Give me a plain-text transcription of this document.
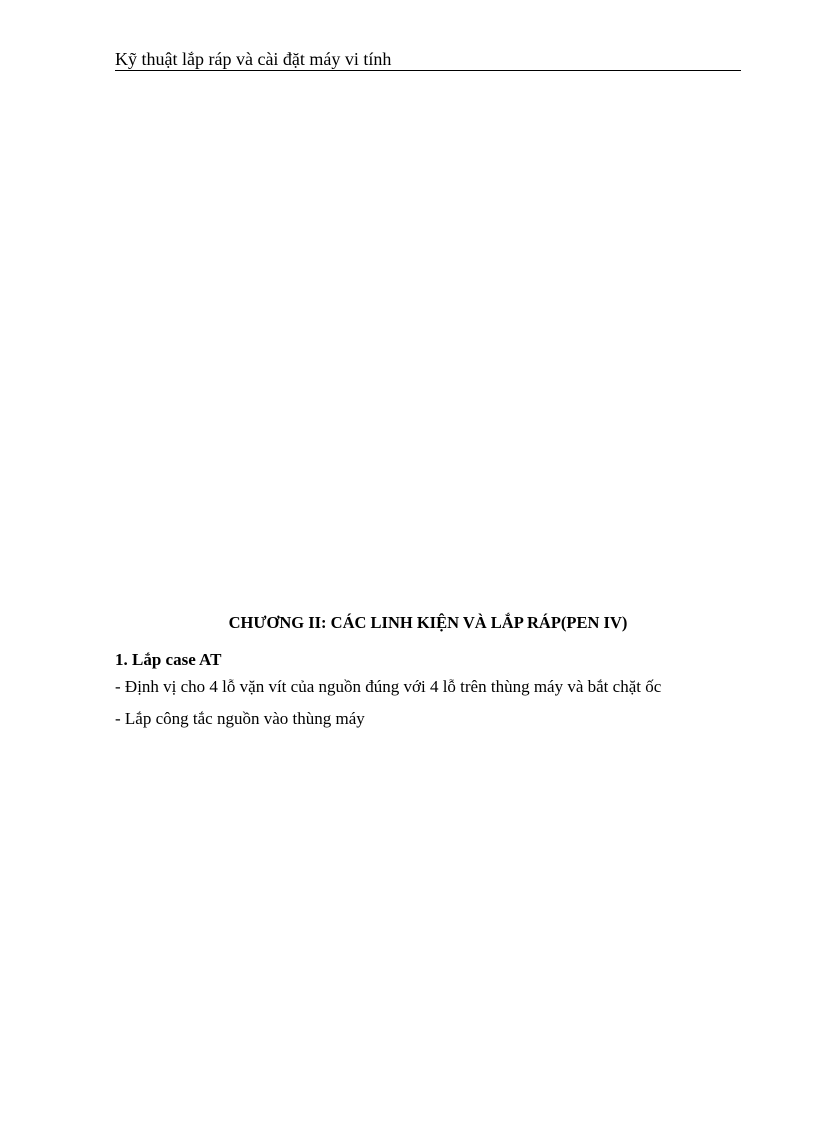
Kỹ thuật lắp ráp và cài đặt máy vi tính
CHƯƠNG II: CÁC LINH KIỆN VÀ LẮP RÁP(PEN IV)
1. Lắp case AT
- Định vị cho 4 lỗ vặn vít của nguồn đúng với 4 lỗ trên thùng máy và bắt chặt ốc
- Lắp công tắc nguồn vào thùng máy
